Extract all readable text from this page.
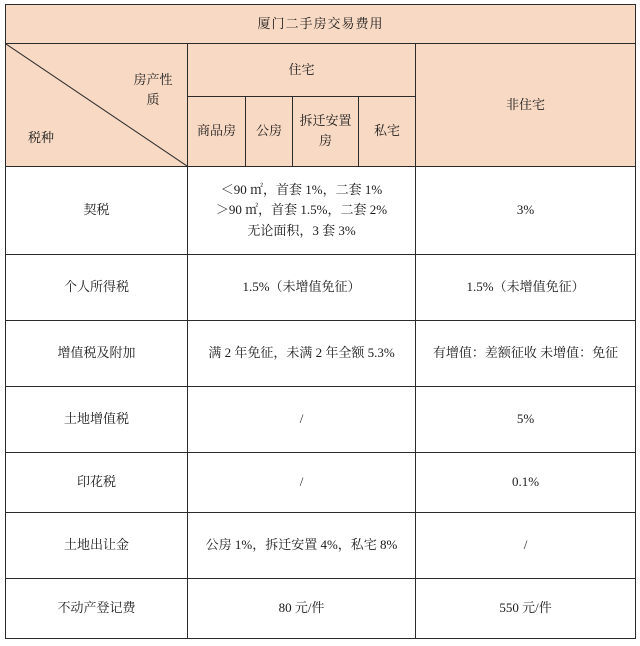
厦门二手房交易费用					

房产性质
税种	住宅				非住宅
	商品房	公房	拆迁安置房	私宅	
契税	＜90 ㎡，首套 1%，二套 1%
＞90 ㎡，首套 1.5%，二套 2%
无论面积，3 套 3%				3%
个人所得税	1.5%（未增值免征）				1.5%（未增值免征）
增值税及附加	满 2 年免征，未满 2 年全额 5.3%				有增值：差额征收 未增值：免征
土地增值税	/				5%
印花税	/				0.1%
土地出让金	公房 1%，拆迁安置 4%，私宅 8%				/
不动产登记费	80 元/件				550 元/件
